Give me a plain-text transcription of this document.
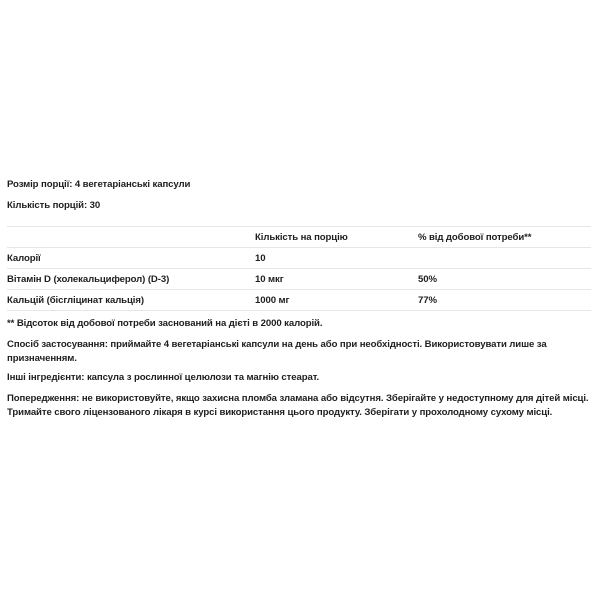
Розмір порції: 4 вегетаріанські капсули
Кількість порцій: 30
	Кількість на порцію	% від добової потреби**
Калорії	10	
Вітамін D (холекальциферол) (D-3)	10 мкг	50%
Кальцій (бісгліцинат кальція)	1000 мг	77%
** Відсоток від добової потреби заснований на дієті в 2000 калорій.
Спосіб застосування: приймайте 4 вегетаріанські капсули на день або при необхідності. Використовувати лише за
призначенням.
Інші інгредієнти: капсула з рослинної целюлози та магнію стеарат.
Попередження: не використовуйте, якщо захисна пломба зламана або відсутня. Зберігайте у недоступному для дітей місці.
Тримайте свого ліцензованого лікаря в курсі використання цього продукту. Зберігати у прохолодному сухому місці.
